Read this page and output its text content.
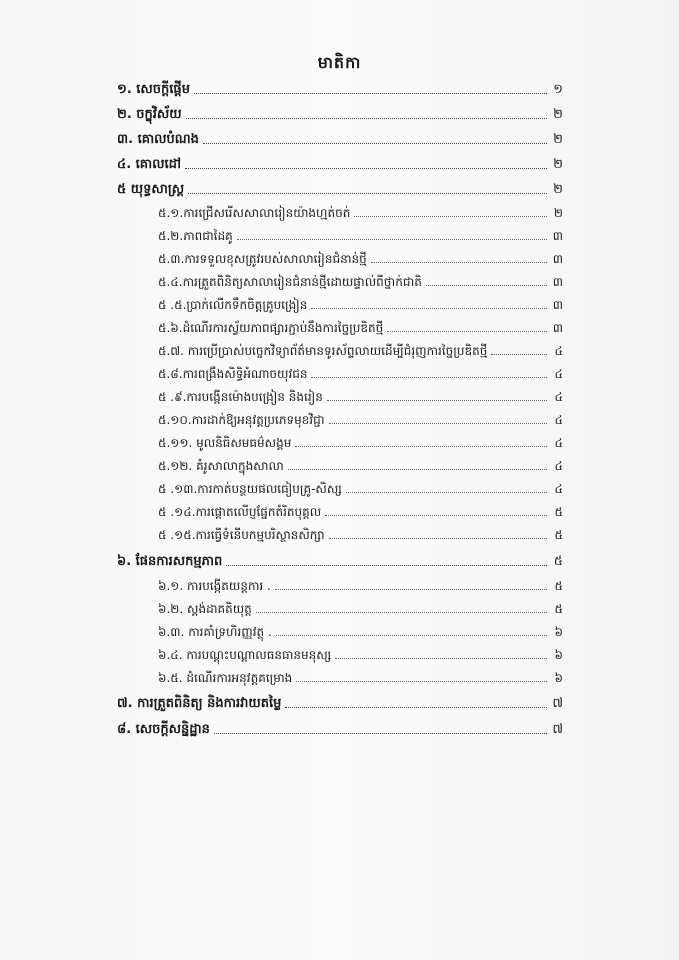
មាតិកា
១. សេចក្តីផ្តើម	១
២. ចក្ខុវិស័យ	២
៣. គោលបំណង	២
៤. គោលដៅ	២
៥ យុទ្ធសាស្ត្រ	២
៥.១.ការជ្រើសរើសសាលារៀនយ៉ាងហ្មត់ចត់	២
៥.២.ភាពជាដៃគូ	៣
៥.៣.ការទទួលខុសត្រូវរបស់សាលារៀនជំនាន់ថ្មី	៣
៥.៤.ការត្រួតពិនិត្យសាលារៀនជំនាន់ថ្មីដោយផ្ទាល់ពីថ្នាក់ជាតិ	៣
៥ .៥.ប្រាក់លើកទឹកចិត្តគ្រូបង្រៀន	៣
៥.៦.ដំណើរការស្វ័យភាពផ្សារភ្ជាប់នឹងការច្នៃប្រឌិតថ្មី	៣
៥.៧. ការប្រើប្រាស់បច្ចេកវិទ្យាព័ត៌មានទូរស័ព្ទលាយដើម្បីជំរុញការច្នៃប្រឌិតថ្មី	៤
៥.៨.ការពង្រឹងសិទ្ធិអំណាចយុវជន	៤
៥ .៩.ការបង្កើនម៉ោងបង្រៀន និងរៀន	៤
៥.១០.ការដាក់ឱ្យអនុវត្តប្រភេទមុខវិជ្ជា	៤
៥.១១. មូលនិធិសមធម៌សង្គម	៤
៥.១២. គំរូសាលាក្នុងសាលា	៤
៥ .១៣.ការកាត់បន្ថយផលធៀបគ្រូ-សិស្ស	៤
៥ .១៤.ការផ្តោតលើប្ញផ្នែកតំរិតបុគ្គល	៥
៥ .១៥.ការធ្វើទំនើបកម្មបរិស្ថានសិក្សា	៥
៦. ផែនការសកម្មភាព	៥
៦.១. ការបង្កើតយន្តការ .	៥
៦.២. ស្តង់ដាគតិយុត្ត	៥
៦.៣. ការគាំទ្រហិរញ្ញវត្ថុ .	៦
៦.៤. ការបណ្តុះបណ្តាលធនធានមនុស្ស	៦
៦.៥. ដំណើរការអនុវត្តគម្រោង	៦
៧. ការត្រួតពិនិត្យ និងការវាយតម្លៃ	៧
៨. សេចក្តីសន្និដ្ឋាន	៧
